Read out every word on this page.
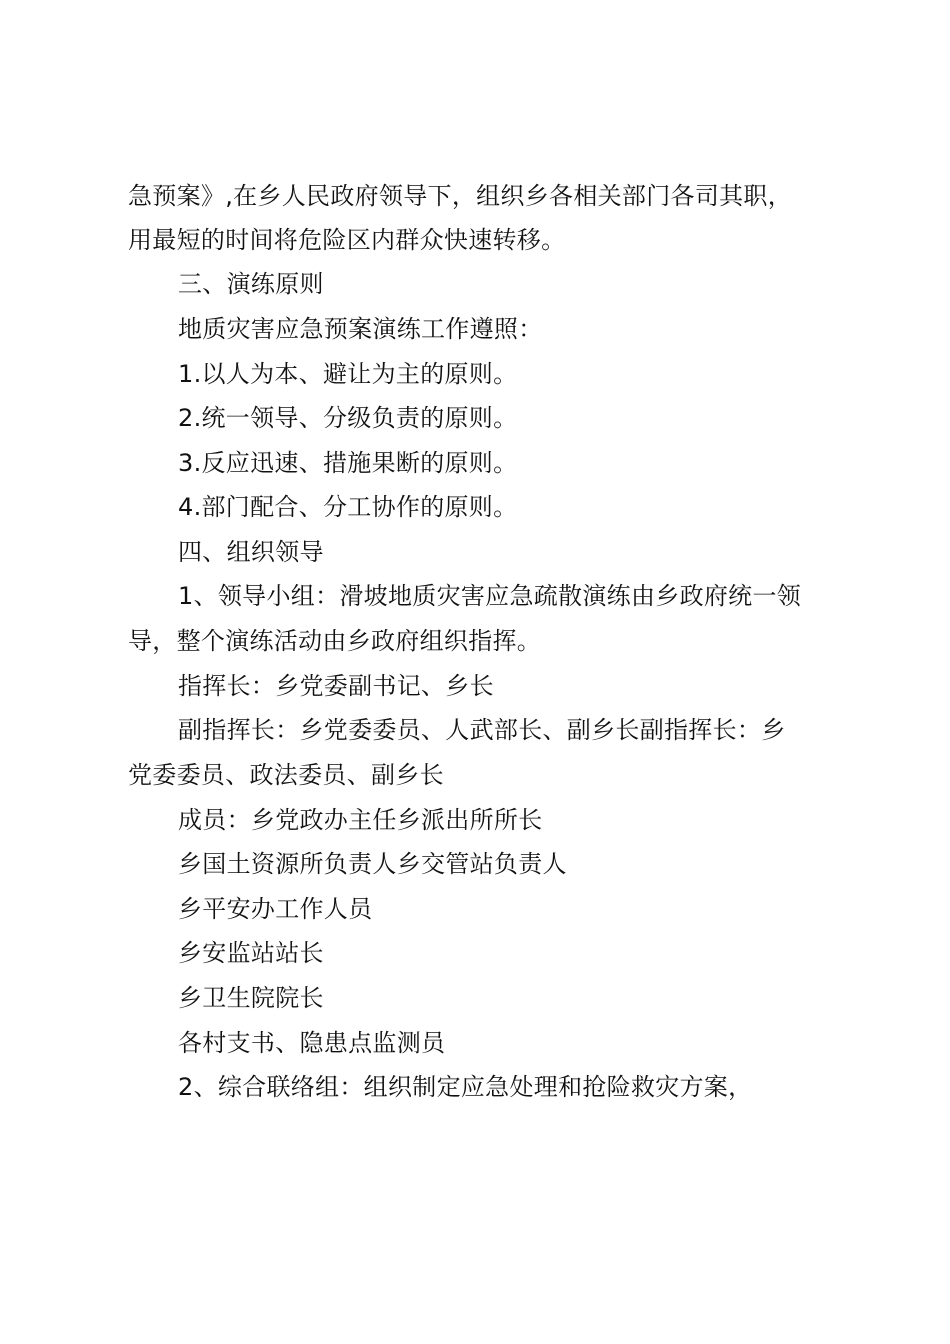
急预案》,在乡人民政府领导下，组织乡各相关部门各司其职，
用最短的时间将危险区内群众快速转移。
三、演练原则
地质灾害应急预案演练工作遵照：
1.以人为本、避让为主的原则。
2.统一领导、分级负责的原则。
3.反应迅速、措施果断的原则。
4.部门配合、分工协作的原则。
四、组织领导
1、领导小组：滑坡地质灾害应急疏散演练由乡政府统一领
导，整个演练活动由乡政府组织指挥。
指挥长：乡党委副书记、乡长
副指挥长：乡党委委员、人武部长、副乡长副指挥长：乡
党委委员、政法委员、副乡长
成员：乡党政办主任乡派出所所长
乡国土资源所负责人乡交管站负责人
乡平安办工作人员
乡安监站站长
乡卫生院院长
各村支书、隐患点监测员
2、综合联络组：组织制定应急处理和抢险救灾方案，
